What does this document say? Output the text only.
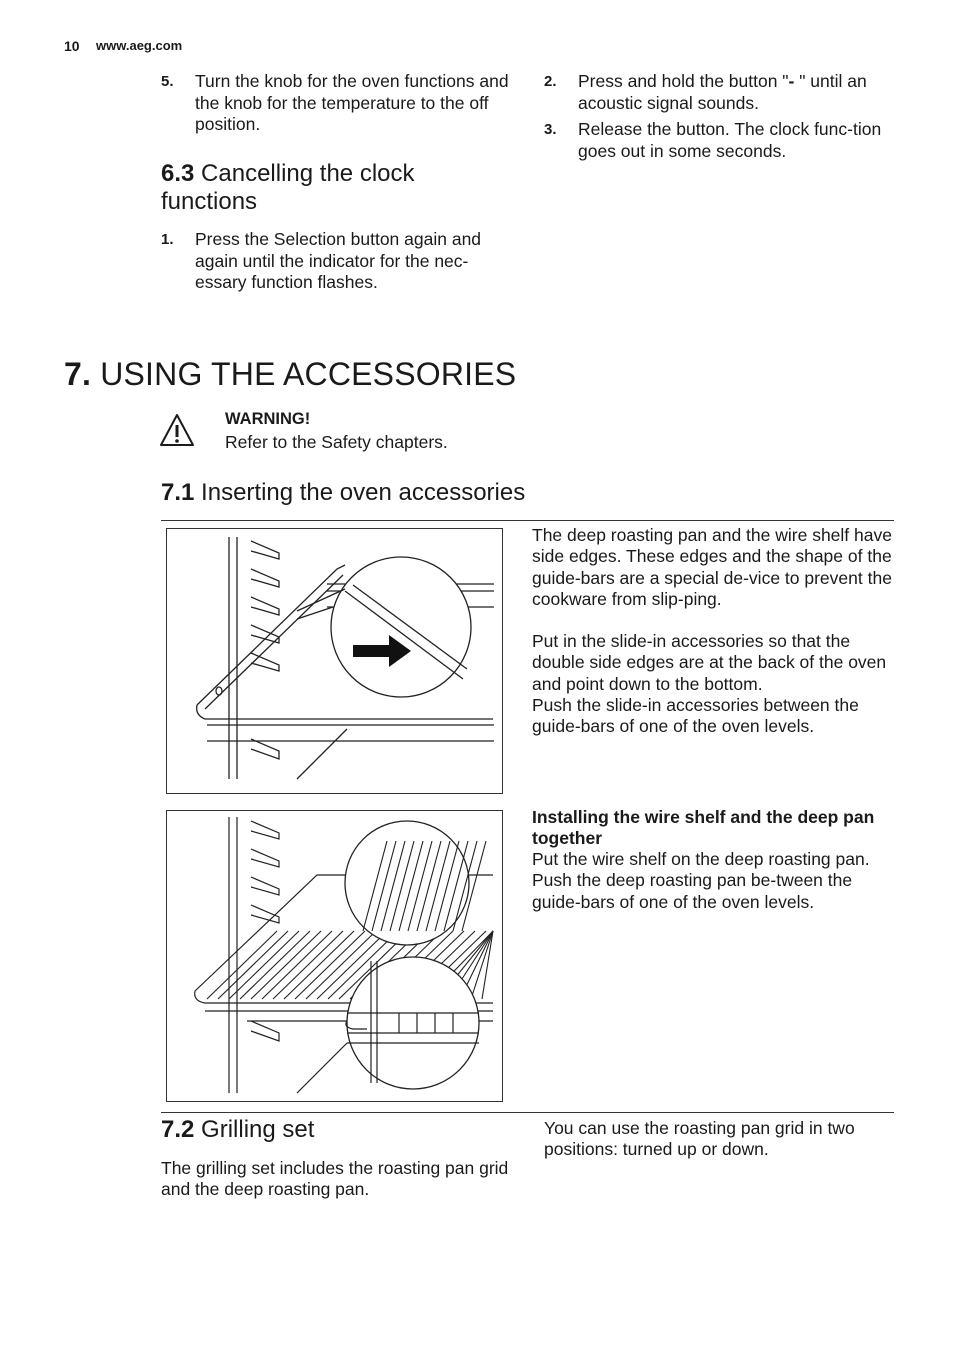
10 www.aeg.com
5. Turn the knob for the oven functions and the knob for the temperature to the off position.
6.3 Cancelling the clock functions
1. Press the Selection button again and again until the indicator for the nec-essary function flashes.
2. Press and hold the button "- " until an acoustic signal sounds.
3. Release the button. The clock func-tion goes out in some seconds.
7. USING THE ACCESSORIES
WARNING!
Refer to the Safety chapters.
7.1 Inserting the oven accessories
The deep roasting pan and the wire shelf have side edges. These edges and the shape of the guide-bars are a special de-vice to prevent the cookware from slip-ping.
Put in the slide-in accessories so that the double side edges are at the back of the oven and point down to the bottom.
Push the slide-in accessories between the guide-bars of one of the oven levels.
Installing the wire shelf and the deep pan together
Put the wire shelf on the deep roasting pan. Push the deep roasting pan be-tween the guide-bars of one of the oven levels.
7.2 Grilling set
The grilling set includes the roasting pan grid and the deep roasting pan.
You can use the roasting pan grid in two positions: turned up or down.
